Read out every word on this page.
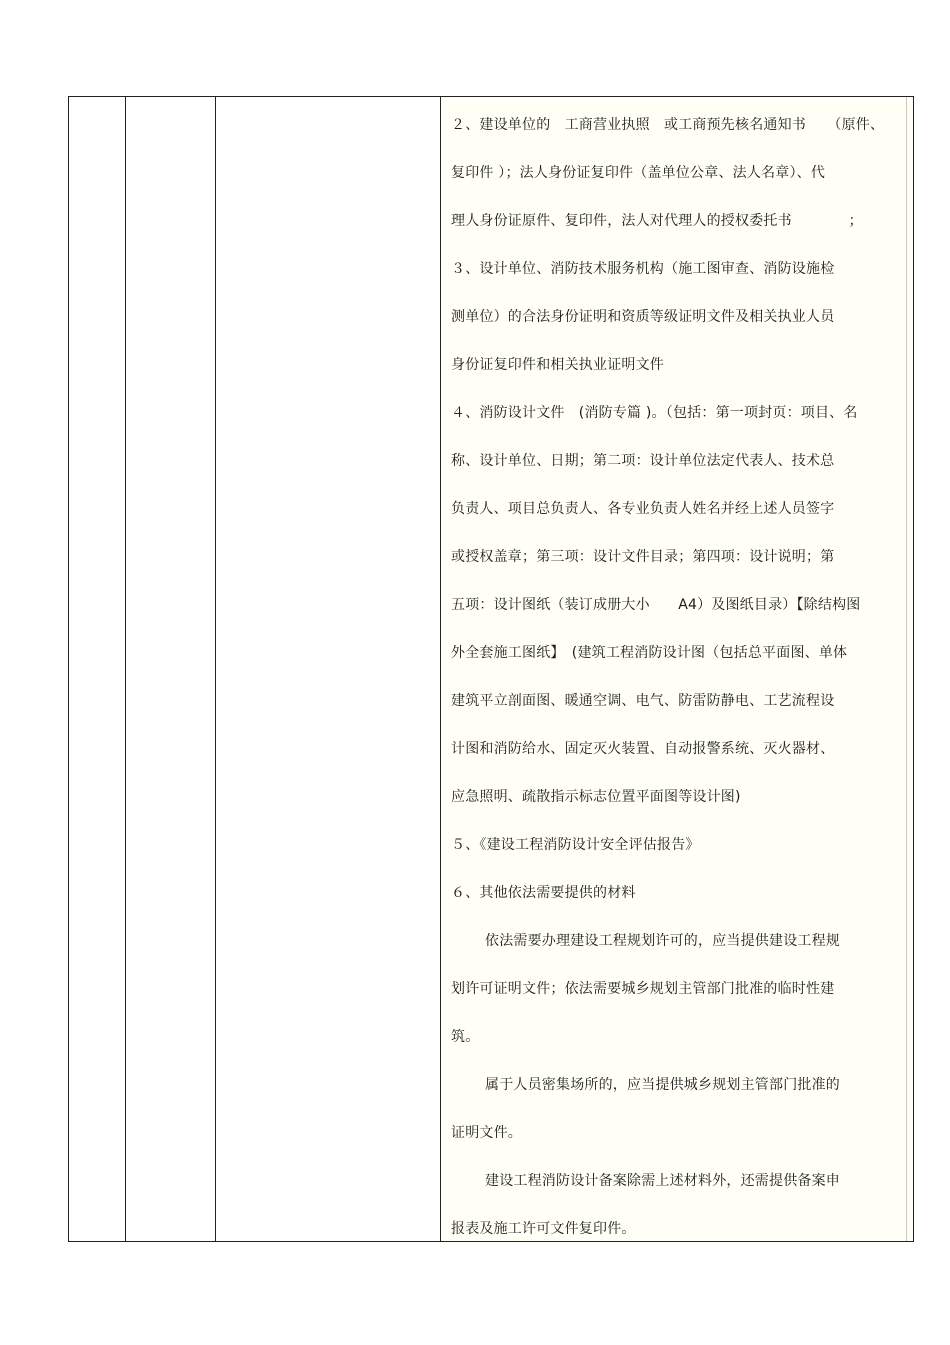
２、建设单位的　工商营业执照　或工商预先核名通知书　　（原件、
复印件 ）；法人身份证复印件（盖单位公章、法人名章）、代
理人身份证原件、复印件，法人对代理人的授权委托书　　　　；
３、设计单位、消防技术服务机构（施工图审查、消防设施检
测单位）的合法身份证明和资质等级证明文件及相关执业人员
身份证复印件和相关执业证明文件
４、消防设计文件　(消防专篇 )。（包括：第一项封页：项目、名
称、设计单位、日期；第二项：设计单位法定代表人、技术总
负责人、项目总负责人、各专业负责人姓名并经上述人员签字
或授权盖章；第三项：设计文件目录；第四项：设计说明；第
五项：设计图纸（装订成册大小　　A4）及图纸目录）【除结构图
外全套施工图纸】　(建筑工程消防设计图（包括总平面图、单体
建筑平立剖面图、暖通空调、电气、防雷防静电、工艺流程设
计图和消防给水、固定灭火装置、自动报警系统、灭火器材、
应急照明、疏散指示标志位置平面图等设计图)
５、《建设工程消防设计安全评估报告》
６、其他依法需要提供的材料
依法需要办理建设工程规划许可的，应当提供建设工程规
划许可证明文件；依法需要城乡规划主管部门批准的临时性建
筑。
属于人员密集场所的，应当提供城乡规划主管部门批准的
证明文件。
建设工程消防设计备案除需上述材料外，还需提供备案申
报表及施工许可文件复印件。
